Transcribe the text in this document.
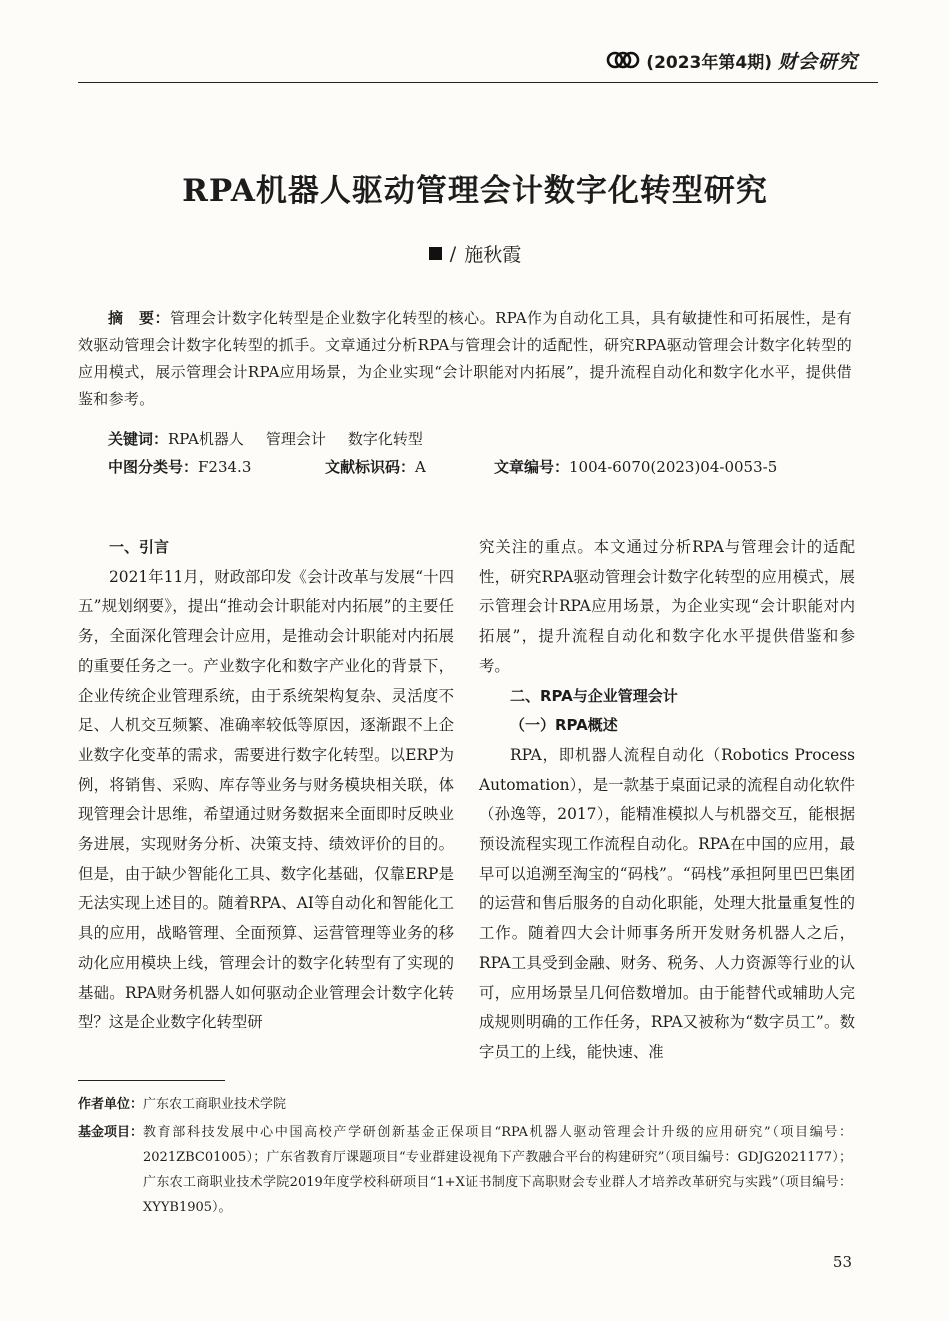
(2023年第4期) 财会研究
RPA机器人驱动管理会计数字化转型研究
/ 施秋霞
摘　要：管理会计数字化转型是企业数字化转型的核心。RPA作为自动化工具，具有敏捷性和可拓展性，是有效驱动管理会计数字化转型的抓手。文章通过分析RPA与管理会计的适配性，研究RPA驱动管理会计数字化转型的应用模式，展示管理会计RPA应用场景，为企业实现“会计职能对内拓展”，提升流程自动化和数字化水平，提供借鉴和参考。
关键词：RPA机器人 管理会计 数字化转型
中图分类号：F234.3	文献标识码：A	文章编号：1004-6070(2023)04-0053-5
一、引言

2021年11月，财政部印发《会计改革与发展“十四五”规划纲要》，提出“推动会计职能对内拓展”的主要任务，全面深化管理会计应用，是推动会计职能对内拓展的重要任务之一。产业数字化和数字产业化的背景下，企业传统企业管理系统，由于系统架构复杂、灵活度不足、人机交互频繁、准确率较低等原因，逐渐跟不上企业数字化变革的需求，需要进行数字化转型。以ERP为例，将销售、采购、库存等业务与财务模块相关联，体现管理会计思维，希望通过财务数据来全面即时反映业务进展，实现财务分析、决策支持、绩效评价的目的。但是，由于缺少智能化工具、数字化基础，仅靠ERP是无法实现上述目的。随着RPA、AI等自动化和智能化工具的应用，战略管理、全面预算、运营管理等业务的移动化应用模块上线，管理会计的数字化转型有了实现的基础。RPA财务机器人如何驱动企业管理会计数字化转型？这是企业数字化转型研

究关注的重点。本文通过分析RPA与管理会计的适配性，研究RPA驱动管理会计数字化转型的应用模式，展示管理会计RPA应用场景，为企业实现“会计职能对内拓展”，提升流程自动化和数字化水平提供借鉴和参考。

二、RPA与企业管理会计
（一）RPA概述

RPA，即机器人流程自动化（Robotics Process Automation），是一款基于桌面记录的流程自动化软件（孙逸等，2017），能精准模拟人与机器交互，能根据预设流程实现工作流程自动化。RPA在中国的应用，最早可以追溯至淘宝的“码栈”。“码栈”承担阿里巴巴集团的运营和售后服务的自动化职能，处理大批量重复性的工作。随着四大会计师事务所开发财务机器人之后，RPA工具受到金融、财务、税务、人力资源等行业的认可，应用场景呈几何倍数增加。由于能替代或辅助人完成规则明确的工作任务，RPA又被称为“数字员工”。数字员工的上线，能快速、准

作者单位：广东农工商职业技术学院
基金项目： 教育部科技发展中心中国高校产学研创新基金正保项目“RPA机器人驱动管理会计升级的应用研究”（项目编号：2021ZBC01005）；广东省教育厅课题项目“专业群建设视角下产教融合平台的构建研究”（项目编号：GDJG2021177）；广东农工商职业技术学院2019年度学校科研项目“1+X证书制度下高职财会专业群人才培养改革研究与实践”（项目编号：XYYB1905）。
53
